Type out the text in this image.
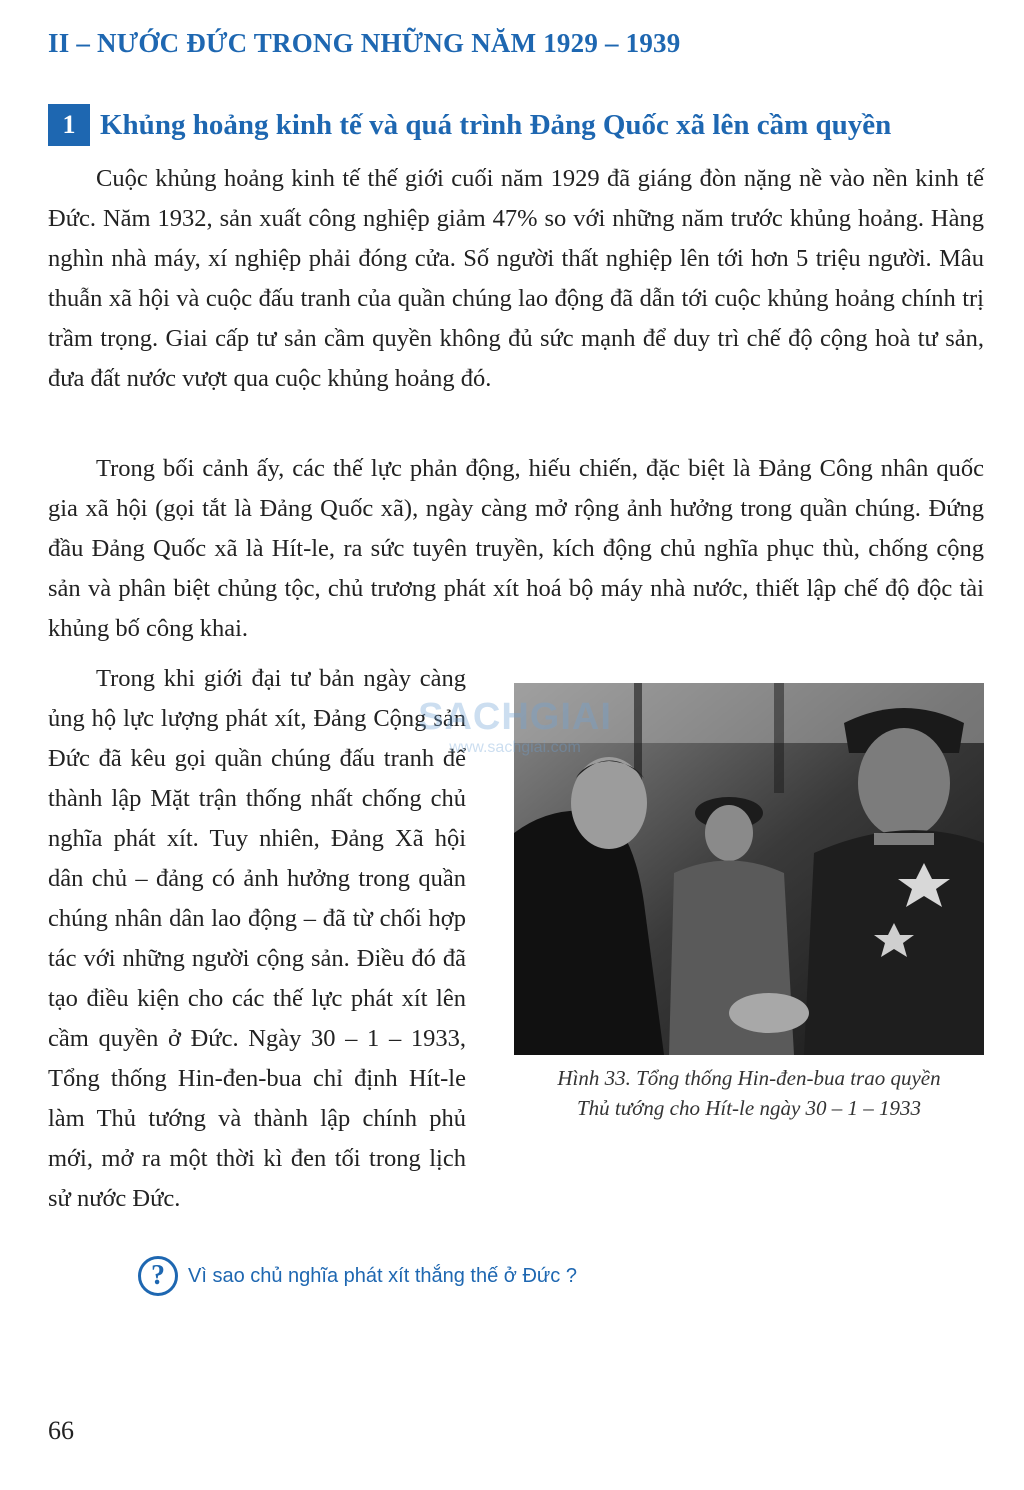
II – NƯỚC ĐỨC TRONG NHỮNG NĂM 1929 – 1939
1 Khủng hoảng kinh tế và quá trình Đảng Quốc xã lên cầm quyền

Cuộc khủng hoảng kinh tế thế giới cuối năm 1929 đã giáng đòn nặng nề vào nền kinh tế Đức. Năm 1932, sản xuất công nghiệp giảm 47% so với những năm trước khủng hoảng. Hàng nghìn nhà máy, xí nghiệp phải đóng cửa. Số người thất nghiệp lên tới hơn 5 triệu người. Mâu thuẫn xã hội và cuộc đấu tranh của quần chúng lao động đã dẫn tới cuộc khủng hoảng chính trị trầm trọng. Giai cấp tư sản cầm quyền không đủ sức mạnh để duy trì chế độ cộng hoà tư sản, đưa đất nước vượt qua cuộc khủng hoảng đó.

Trong bối cảnh ấy, các thế lực phản động, hiếu chiến, đặc biệt là Đảng Công nhân quốc gia xã hội (gọi tắt là Đảng Quốc xã), ngày càng mở rộng ảnh hưởng trong quần chúng. Đứng đầu Đảng Quốc xã là Hít-le, ra sức tuyên truyền, kích động chủ nghĩa phục thù, chống cộng sản và phân biệt chủng tộc, chủ trương phát xít hoá bộ máy nhà nước, thiết lập chế độ độc tài khủng bố công khai.

Hình 33. Tổng thống Hin-đen-bua trao quyền
Thủ tướng cho Hít-le ngày 30 – 1 – 1933

Trong khi giới đại tư bản ngày càng ủng hộ lực lượng phát xít, Đảng Cộng sản Đức đã kêu gọi quần chúng đấu tranh để thành lập Mặt trận thống nhất chống chủ nghĩa phát xít. Tuy nhiên, Đảng Xã hội dân chủ – đảng có ảnh hưởng trong quần chúng nhân dân lao động – đã từ chối hợp tác với những người cộng sản. Điều đó đã tạo điều kiện cho các thế lực phát xít lên cầm quyền ở Đức. Ngày 30 – 1 – 1933, Tổng thống Hin-đen-bua chỉ định Hít-le làm Thủ tướng và thành lập chính phủ mới, mở ra một thời kì đen tối trong lịch sử nước Đức.

SACHGIAI
www.sachgiai.com
?	Vì sao chủ nghĩa phát xít thắng thế ở Đức ?
66
